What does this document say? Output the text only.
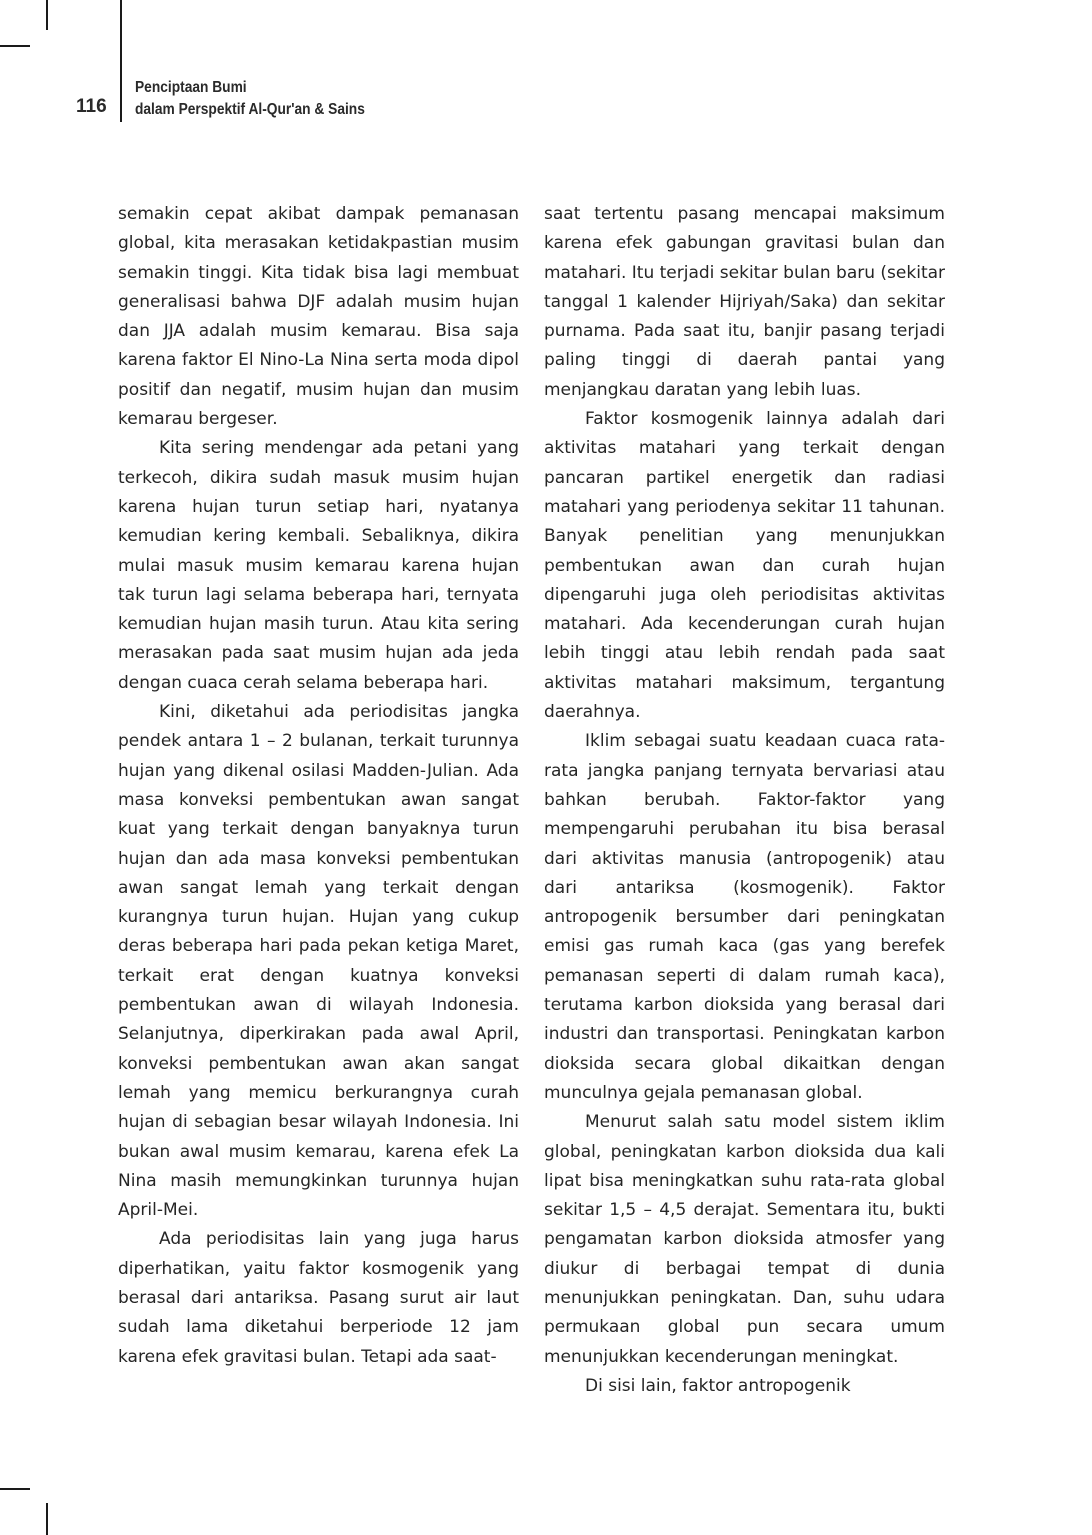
116
Penciptaan Bumi
dalam Perspektif Al-Qur'an & Sains

semakin cepat akibat dampak pemanasan global, kita merasakan ketidakpastian musim semakin tinggi. Kita tidak bisa lagi membuat generalisasi bahwa DJF adalah musim hujan dan JJA adalah musim kemarau. Bisa saja karena faktor El Nino-La Nina serta moda dipol positif dan negatif, musim hujan dan musim kemarau bergeser.

Kita sering mendengar ada petani yang terkecoh, dikira sudah masuk musim hujan karena hujan turun setiap hari, nyatanya kemudian kering kembali. Sebaliknya, dikira mulai masuk musim kemarau karena hujan tak turun lagi selama beberapa hari, ternyata kemudian hujan masih turun. Atau kita sering merasakan pada saat musim hujan ada jeda dengan cuaca cerah selama beberapa hari.

Kini, diketahui ada periodisitas jangka pendek antara 1 – 2 bulanan, terkait turunnya hujan yang dikenal osilasi Madden-Julian. Ada masa konveksi pembentukan awan sangat kuat yang terkait dengan banyaknya turun hujan dan ada masa konveksi pembentukan awan sangat lemah yang terkait dengan kurangnya turun hujan. Hujan yang cukup deras beberapa hari pada pekan ketiga Maret, terkait erat dengan kuatnya konveksi pembentukan awan di wilayah Indonesia. Selanjutnya, diperkirakan pada awal April, konveksi pembentukan awan akan sangat lemah yang memicu berkurangnya curah hujan di sebagian besar wilayah Indonesia. Ini bukan awal musim kemarau, karena efek La Nina masih memungkinkan turunnya hujan April-Mei.

Ada periodisitas lain yang juga harus diperhatikan, yaitu faktor kosmogenik yang berasal dari antariksa. Pasang surut air laut sudah lama diketahui berperiode 12 jam karena efek gravitasi bulan. Tetapi ada saat-

saat tertentu pasang mencapai maksimum karena efek gabungan gravitasi bulan dan matahari. Itu terjadi sekitar bulan baru (sekitar tanggal 1 kalender Hijriyah/Saka) dan sekitar purnama. Pada saat itu, banjir pasang terjadi paling tinggi di daerah pantai yang menjangkau daratan yang lebih luas.

Faktor kosmogenik lainnya adalah dari aktivitas matahari yang terkait dengan pancaran partikel energetik dan radiasi matahari yang periodenya sekitar 11 tahunan. Banyak penelitian yang menunjukkan pembentukan awan dan curah hujan dipengaruhi juga oleh periodisitas aktivitas matahari. Ada kecenderungan curah hujan lebih tinggi atau lebih rendah pada saat aktivitas matahari maksimum, tergantung daerahnya.

Iklim sebagai suatu keadaan cuaca rata-rata jangka panjang ternyata bervariasi atau bahkan berubah. Faktor-faktor yang mempengaruhi perubahan itu bisa berasal dari aktivitas manusia (antropogenik) atau dari antariksa (kosmogenik). Faktor antropogenik bersumber dari peningkatan emisi gas rumah kaca (gas yang berefek pemanasan seperti di dalam rumah kaca), terutama karbon dioksida yang berasal dari industri dan transportasi. Peningkatan karbon dioksida secara global dikaitkan dengan munculnya gejala pemanasan global.

Menurut salah satu model sistem iklim global, peningkatan karbon dioksida dua kali lipat bisa meningkatkan suhu rata-rata global sekitar 1,5 – 4,5 derajat. Sementara itu, bukti pengamatan karbon dioksida atmosfer yang diukur di berbagai tempat di dunia menunjukkan peningkatan. Dan, suhu udara permukaan global pun secara umum menunjukkan kecenderungan meningkat.

Di sisi lain, faktor antropogenik
